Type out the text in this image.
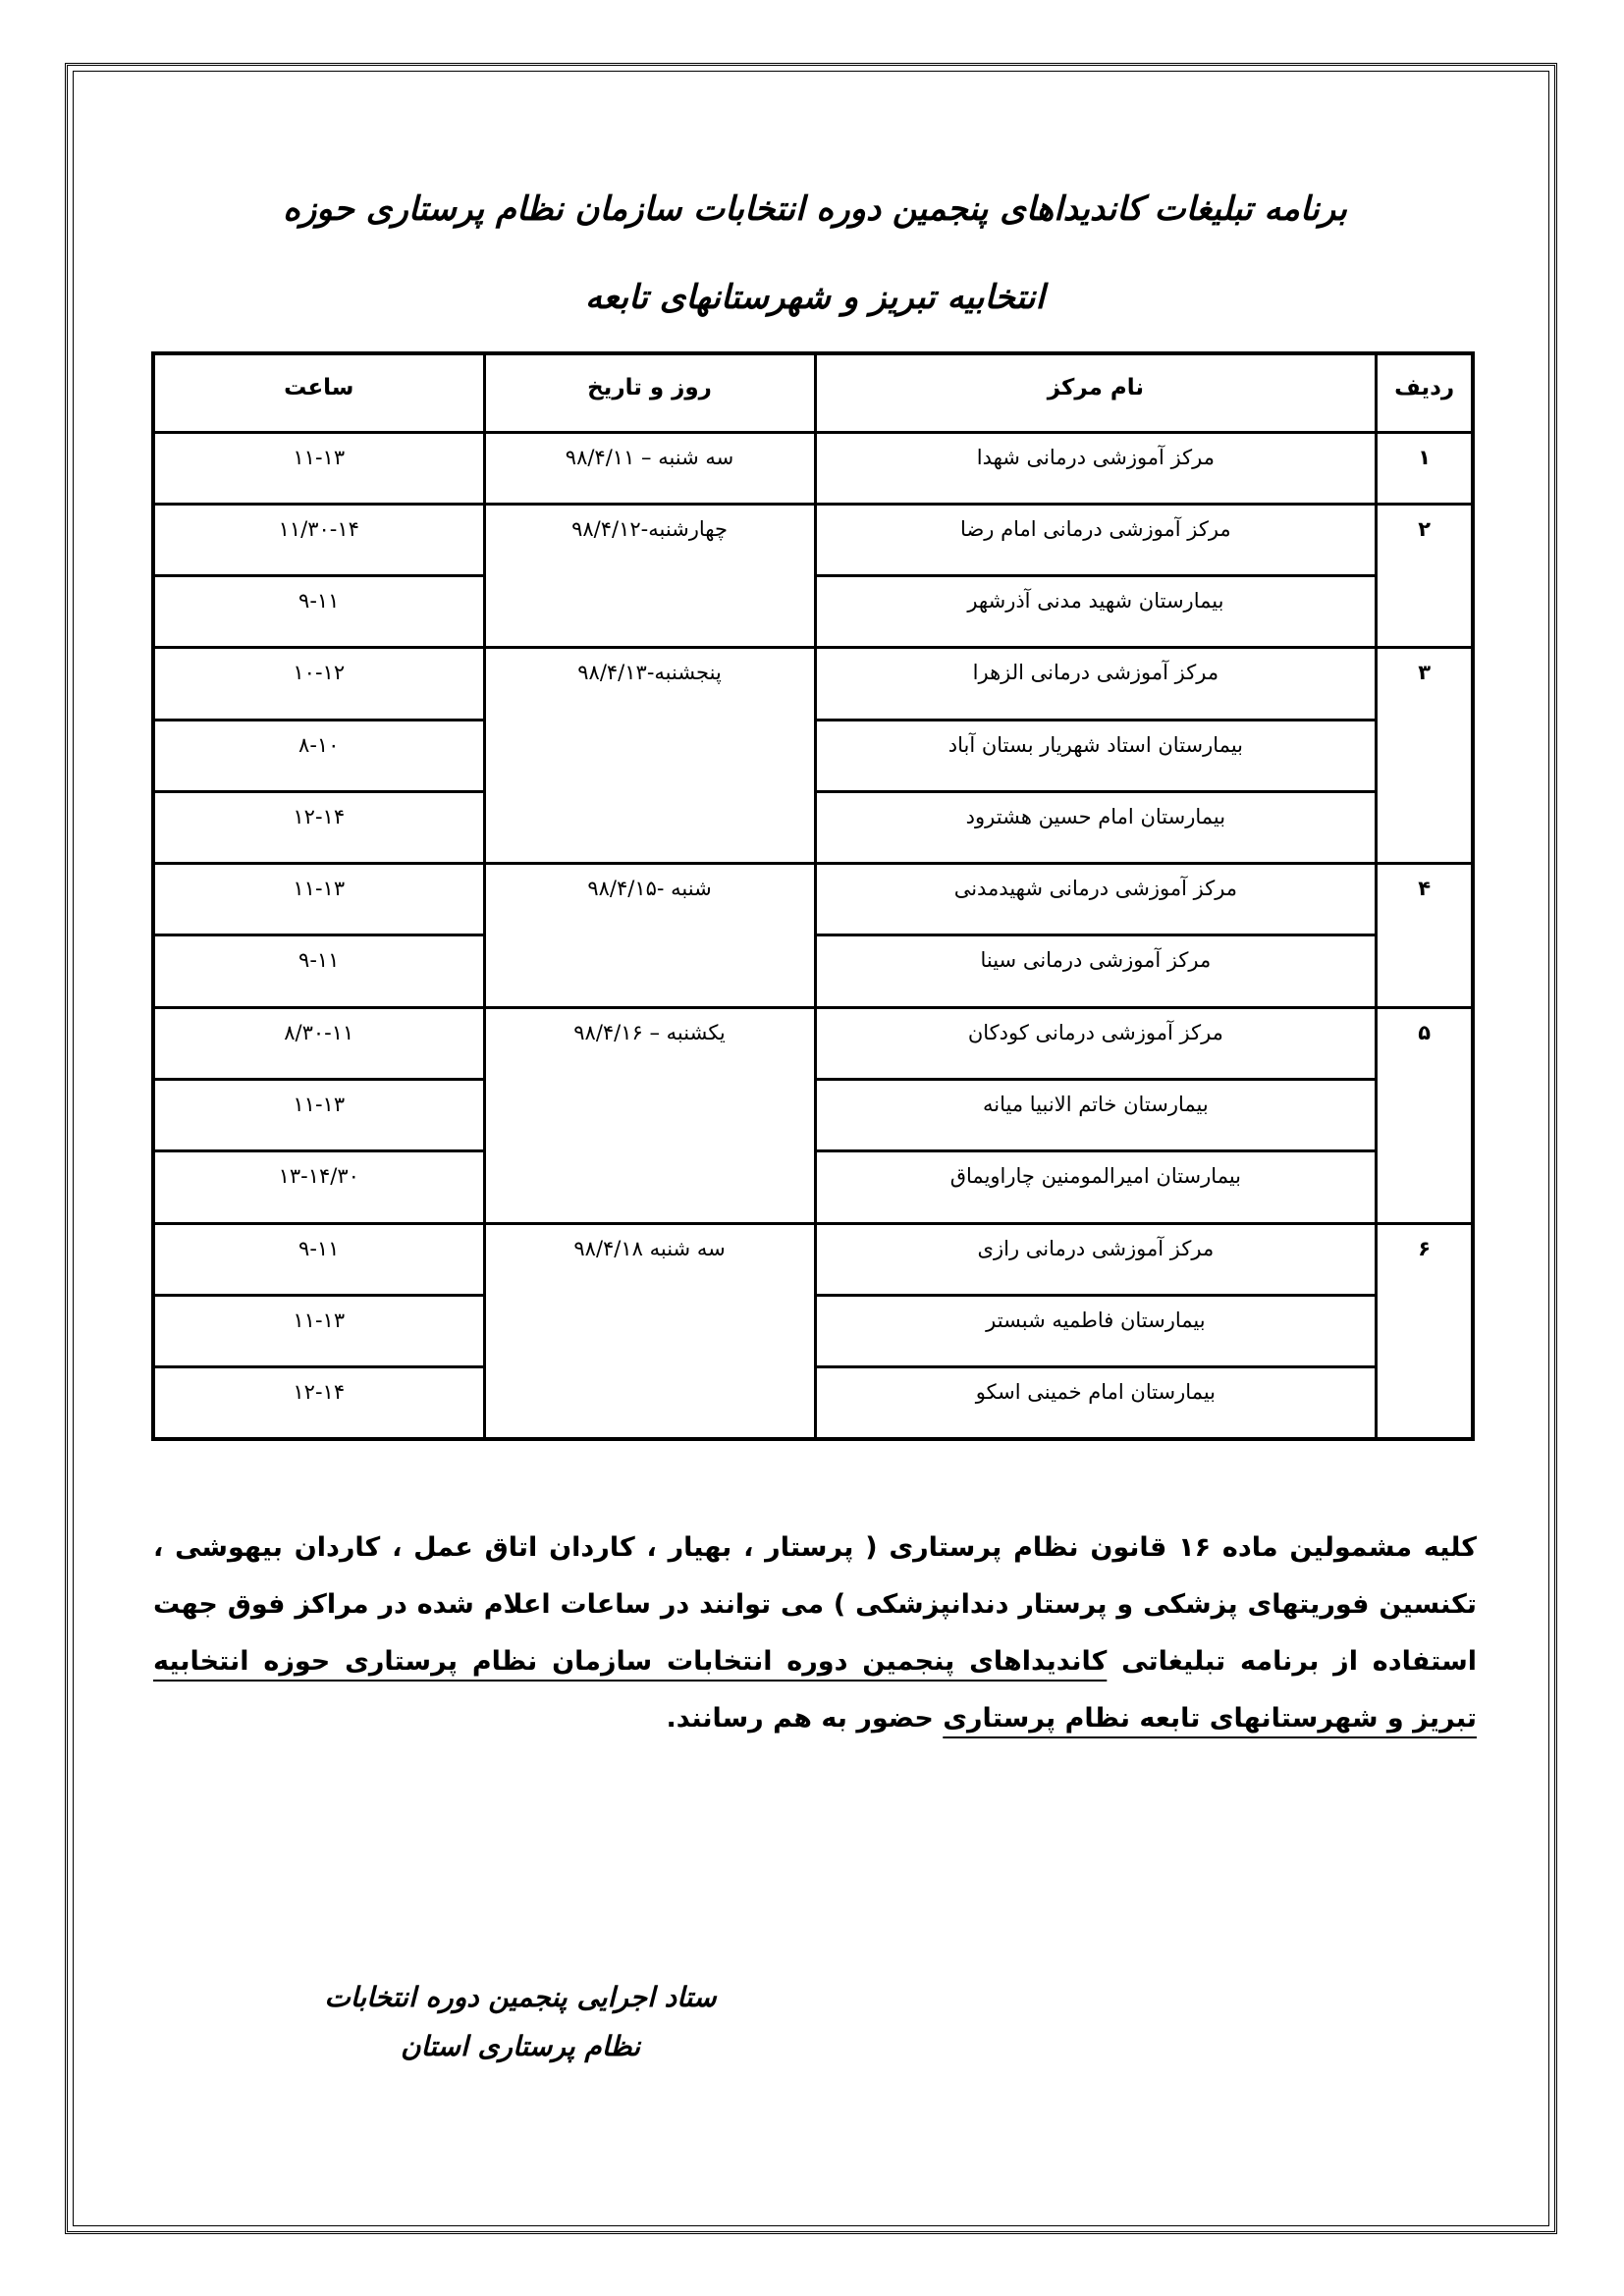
برنامه تبلیغات کاندیداهای پنجمین دوره انتخابات سازمان نظام پرستاری حوزه انتخابیه تبریز و شهرستانهای تابعه
ردیف	نام مرکز	روز و تاریخ	ساعت
۱	مرکز آموزشی درمانی شهدا	سه شنبه – ۹۸/۴/۱۱	۱۱-۱۳
۲	مرکز آموزشی درمانی امام رضا	چهارشنبه-۹۸/۴/۱۲	۱۱/۳۰-۱۴
	بیمارستان شهید مدنی آذرشهر		۹-۱۱
۳	مرکز آموزشی درمانی الزهرا	پنجشنبه-۹۸/۴/۱۳	۱۰-۱۲
	بیمارستان استاد شهریار بستان آباد		۸-۱۰
	بیمارستان امام حسین هشترود		۱۲-۱۴
۴	مرکز آموزشی درمانی شهیدمدنی	شنبه -۹۸/۴/۱۵	۱۱-۱۳
	مرکز آموزشی درمانی سینا		۹-۱۱
۵	مرکز آموزشی درمانی کودکان	یکشنبه – ۹۸/۴/۱۶	۸/۳۰-۱۱
	بیمارستان خاتم الانبیا میانه		۱۱-۱۳
	بیمارستان امیرالمومنین چاراویماق		۱۳-۱۴/۳۰
۶	مرکز آموزشی درمانی رازی	سه شنبه ۹۸/۴/۱۸	۹-۱۱
	بیمارستان فاطمیه شبستر		۱۱-۱۳
	بیمارستان امام خمینی اسکو		۱۲-۱۴
کلیه مشمولین ماده ۱۶ قانون نظام پرستاری ( پرستار ، بهیار ، کاردان اتاق عمل ، کاردان بیهوشی ، تکنسین فوریتهای پزشکی و پرستار دندانپزشکی ) می توانند در ساعات اعلام شده در مراکز فوق جهت استفاده از برنامه تبلیغاتی کاندیداهای پنجمین دوره انتخابات سازمان نظام پرستاری حوزه انتخابیه تبریز و شهرستانهای تابعه نظام پرستاری حضور به هم رسانند.
ستاد اجرایی پنجمین دوره انتخابات نظام پرستاری استان
